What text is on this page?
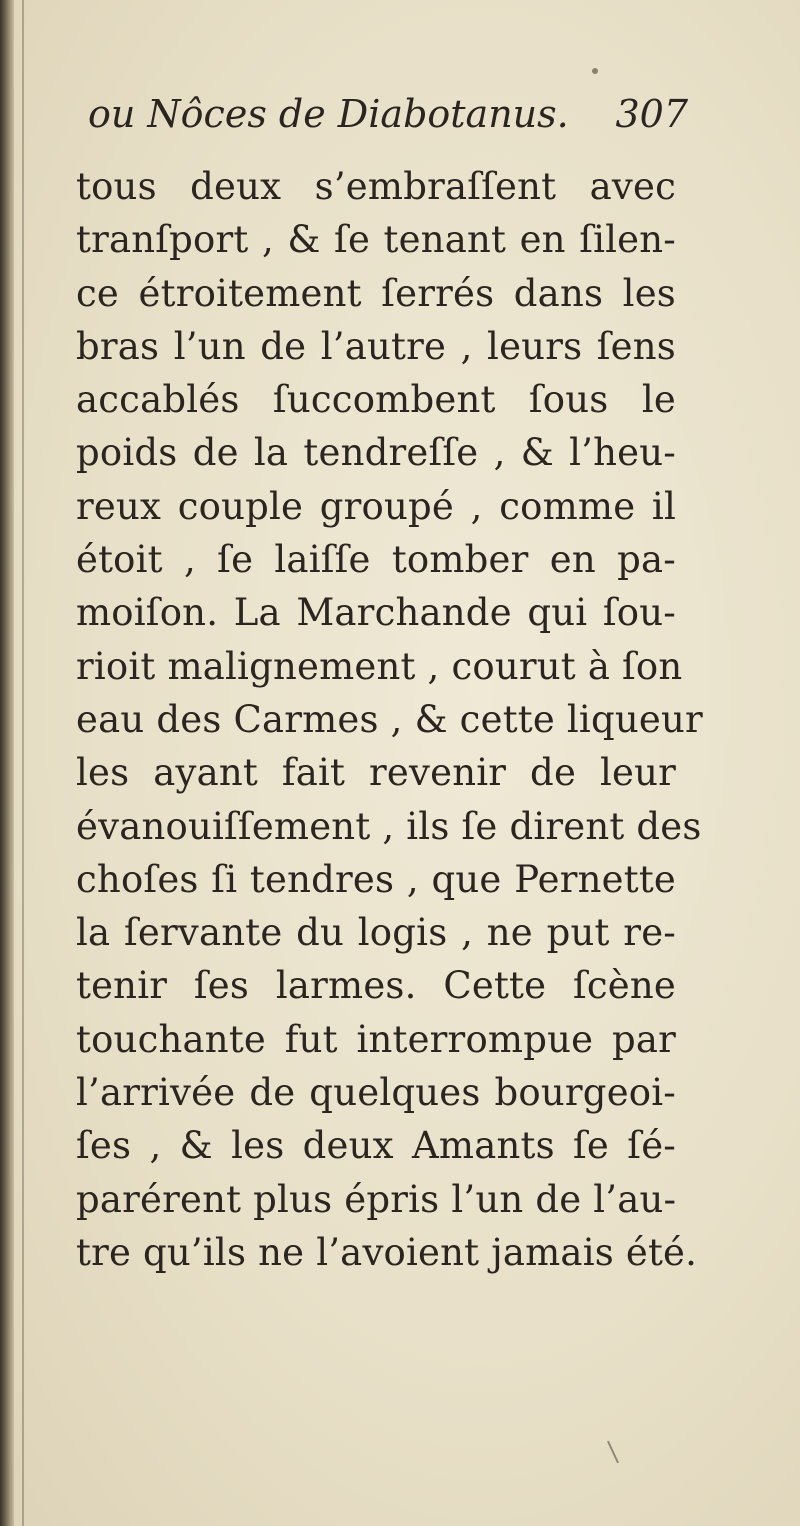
ou Nôces de Diabotanus. 307
tous deux s’embraſſent avec
tranſport , & ſe tenant en ſilen-
ce étroitement ſerrés dans les
bras l’un de l’autre , leurs ſens
accablés ſuccombent ſous le
poids de la tendreſſe , & l’heu-
reux couple groupé , comme il
étoit , ſe laiſſe tomber en pa-
moiſon. La Marchande qui ſou-
rioit malignement , courut à ſon
eau des Carmes , & cette liqueur
les ayant fait revenir de leur
évanouiſſement , ils ſe dirent des
choſes ſi tendres , que Pernette
la ſervante du logis , ne put re-
tenir ſes larmes. Cette ſcène
touchante fut interrompue par
l’arrivée de quelques bourgeoi-
ſes , & les deux Amants ſe ſé-
parérent plus épris l’un de l’au-
tre qu’ils ne l’avoient jamais été.
